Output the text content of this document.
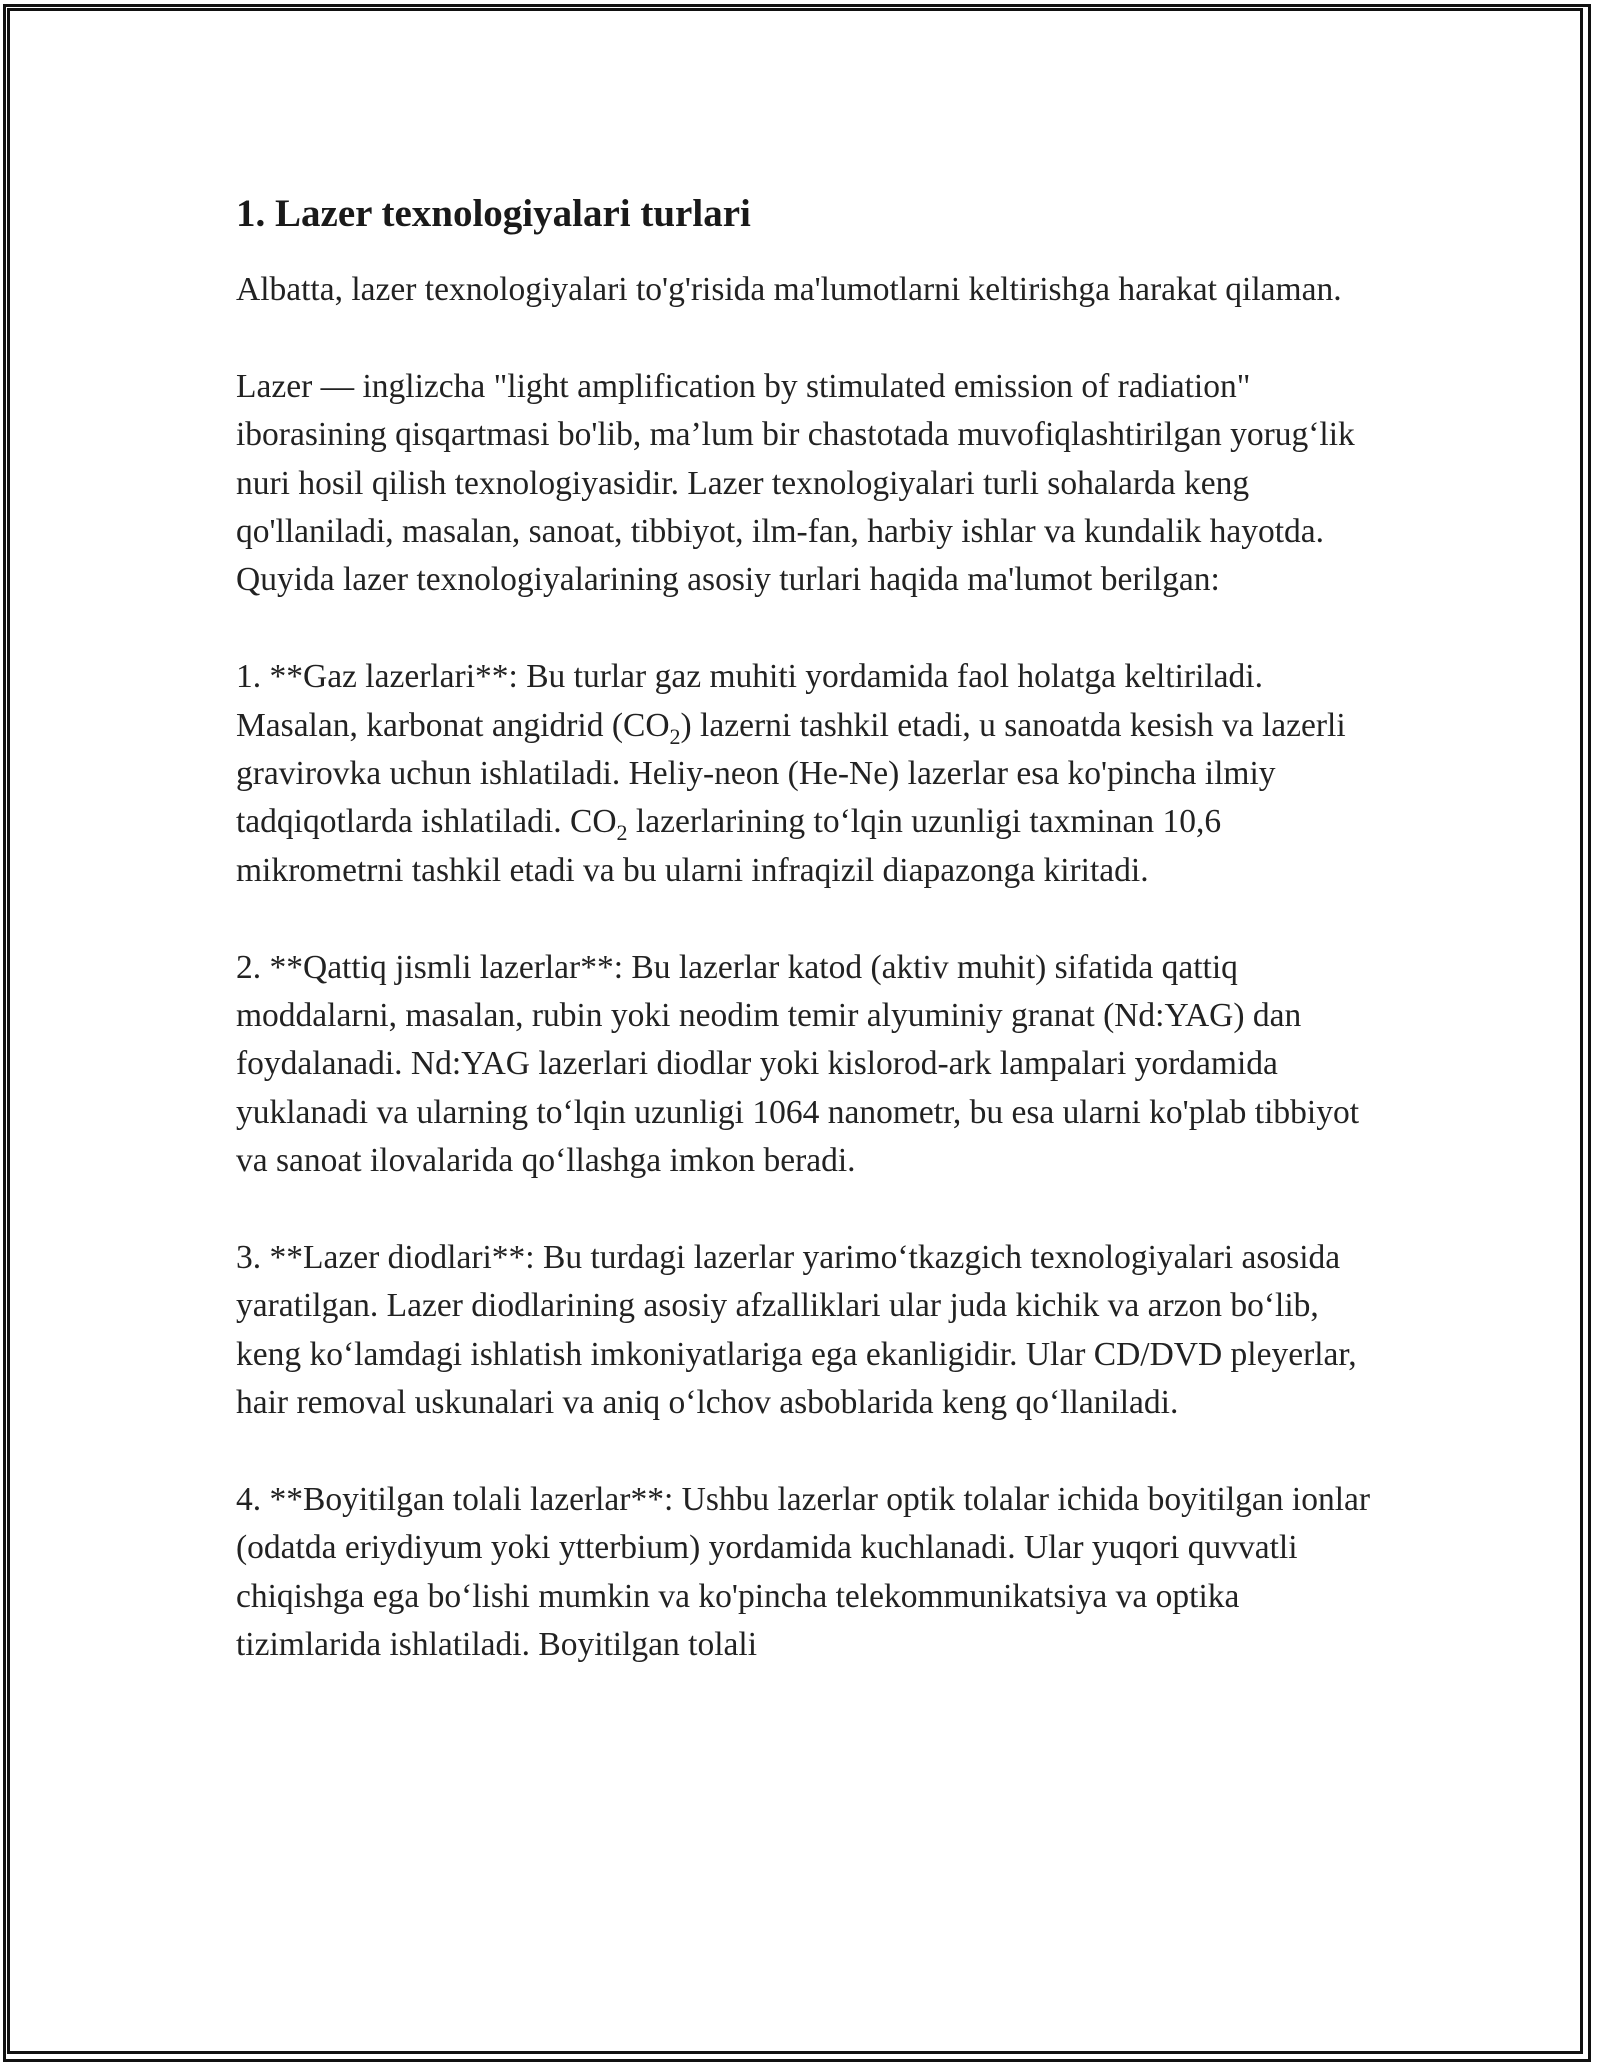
1. Lazer texnologiyalari turlari

Albatta, lazer texnologiyalari to'g'risida ma'lumotlarni keltirishga harakat qilaman.

Lazer — inglizcha "light amplification by stimulated emission of radiation" iborasining qisqartmasi bo'lib, ma’lum bir chastotada muvofiqlashtirilgan yorug‘lik nuri hosil qilish texnologiyasidir. Lazer texnologiyalari turli sohalarda keng qo'llaniladi, masalan, sanoat, tibbiyot, ilm-fan, harbiy ishlar va kundalik hayotda. Quyida lazer texnologiyalarining asosiy turlari haqida ma'lumot berilgan:

1. **Gaz lazerlari**: Bu turlar gaz muhiti yordamida faol holatga keltiriladi. Masalan, karbonat angidrid $(CO_2)$ lazerni tashkil etadi, u sanoatda kesish va lazerli gravirovka uchun ishlatiladi. Heliy-neon (He-Ne) lazerlar esa ko'pincha ilmiy tadqiqotlarda ishlatiladi. $CO_2$ lazerlarining to‘lqin uzunligi taxminan 10,6 mikrometrni tashkil etadi va bu ularni infraqizil diapazonga kiritadi.

2. **Qattiq jismli lazerlar**: Bu lazerlar katod (aktiv muhit) sifatida qattiq moddalarni, masalan, rubin yoki neodim temir alyuminiy granat (Nd:YAG) dan foydalanadi. Nd:YAG lazerlari diodlar yoki kislorod-ark lampalari yordamida yuklanadi va ularning to‘lqin uzunligi 1064 nanometr, bu esa ularni ko'plab tibbiyot va sanoat ilovalarida qo‘llashga imkon beradi.

3. **Lazer diodlari**: Bu turdagi lazerlar yarimo‘tkazgich texnologiyalari asosida yaratilgan. Lazer diodlarining asosiy afzalliklari ular juda kichik va arzon bo‘lib, keng ko‘lamdagi ishlatish imkoniyatlariga ega ekanligidir. Ular CD/DVD pleyerlar, hair removal uskunalari va aniq o‘lchov asboblarida keng qo‘llaniladi.

4. **Boyitilgan tolali lazerlar**: Ushbu lazerlar optik tolalar ichida boyitilgan ionlar (odatda eriydiyum yoki ytterbium) yordamida kuchlanadi. Ular yuqori quvvatli chiqishga ega bo‘lishi mumkin va ko'pincha telekommunikatsiya va optika tizimlarida ishlatiladi. Boyitilgan tolali
